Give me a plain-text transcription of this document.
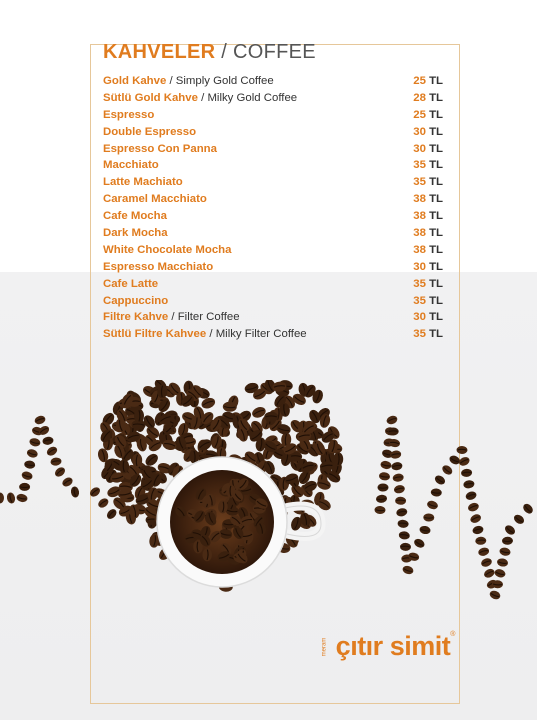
KAHVELER / COFFEE
Gold Kahve / Simply Gold Coffee	25 TL
Sütlü Gold Kahve / Milky Gold Coffee	28 TL
Espresso	25 TL
Double Espresso	30 TL
Espresso Con Panna	30 TL
Macchiato	35 TL
Latte Machiato	35 TL
Caramel Macchiato	38 TL
Cafe Mocha	38 TL
Dark Mocha	38 TL
White Chocolate Mocha	38 TL
Espresso Macchiato	30 TL
Cafe Latte	35 TL
Cappuccino	35 TL
Filtre Kahve / Filter Coffee	30 TL
Sütlü Filtre Kahvee / Milky Filter Coffee	35 TL
meram çıtır simit®
